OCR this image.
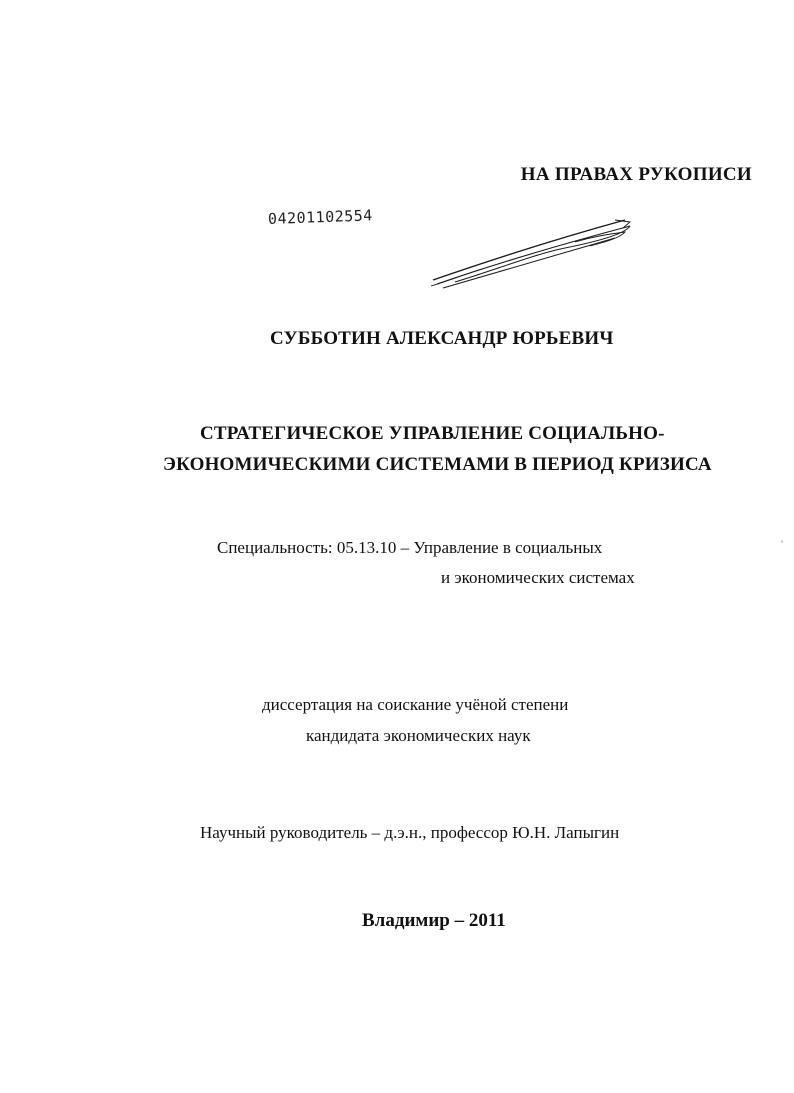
НА ПРАВАХ РУКОПИСИ
04201102554
СУББОТИН АЛЕКСАНДР ЮРЬЕВИЧ
СТРАТЕГИЧЕСКОЕ УПРАВЛЕНИЕ СОЦИАЛЬНО-
ЭКОНОМИЧЕСКИМИ СИСТЕМАМИ В ПЕРИОД КРИЗИСА
Специальность: 05.13.10 – Управление в социальных
и экономических системах
ˈ
диссертация на соискание учёной степени
кандидата экономических наук
Научный руководитель – д.э.н., профессор Ю.Н. Лапыгин
Владимир – 2011
